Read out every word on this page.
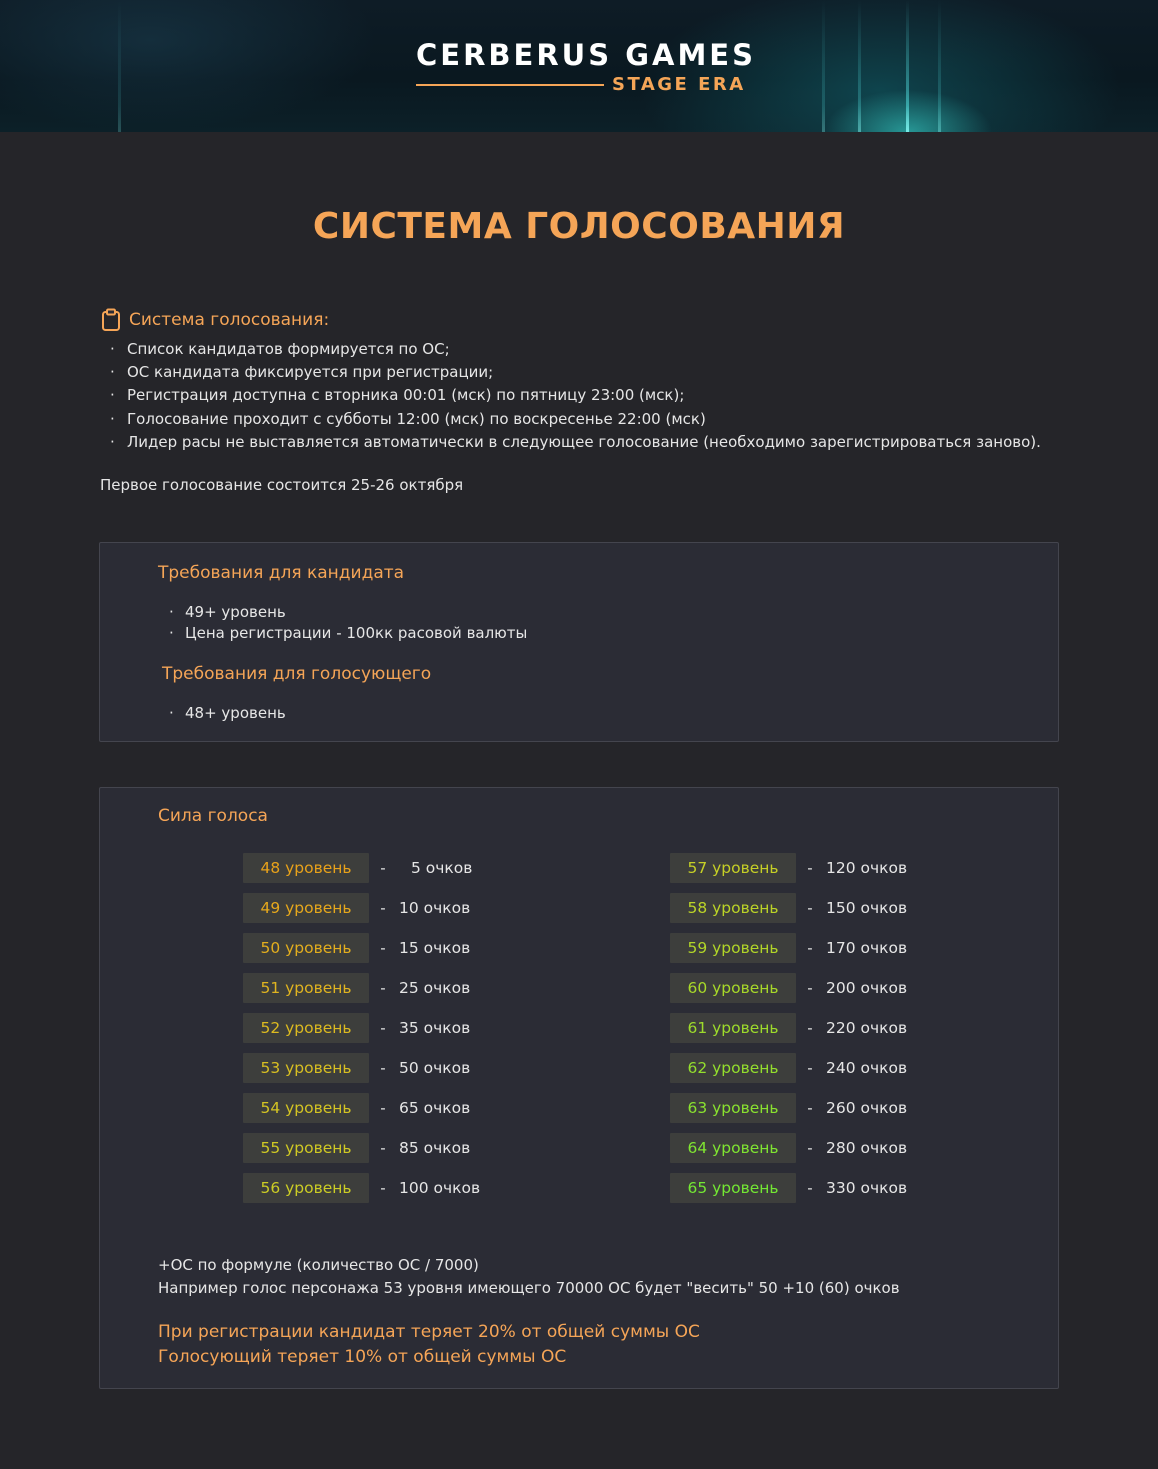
CERBERUS GAMES
STAGE ERA
СИСТЕМА ГОЛОСОВАНИЯ
Система голосования:
· Список кандидатов формируется по ОС;
· ОС кандидата фиксируется при регистрации;
· Регистрация доступна с вторника 00:01 (мск) по пятницу 23:00 (мск);
· Голосование проходит с субботы 12:00 (мск) по воскресенье 22:00 (мск)
· Лидер расы не выставляется автоматически в следующее голосование (необходимо зарегистрироваться заново).

Первое голосование состоится 25-26 октября

Требования для кандидата
· 49+ уровень
· Цена регистрации - 100кк расовой валюты
Требования для голосующего
· 48+ уровень
Сила голоса
48 уровень	-	5 очков
49 уровень	- 10 очков
50 уровень	- 15 очков
51 уровень	- 25 очков
52 уровень	- 35 очков
53 уровень	- 50 очков
54 уровень	- 65 очков
55 уровень	- 85 очков
56 уровень	- 100 очков
57 уровень	- 120 очков
58 уровень	- 150 очков
59 уровень	- 170 очков
60 уровень	- 200 очков
61 уровень	- 220 очков
62 уровень	- 240 очков
63 уровень	- 260 очков
64 уровень	- 280 очков
65 уровень	- 330 очков
+ОС по формуле (количество ОС / 7000)
Например голос персонажа 53 уровня имеющего 70000 ОС будет "весить" 50 +10 (60) очков
При регистрации кандидат теряет 20% от общей суммы ОС
Голосующий теряет 10% от общей суммы ОС
